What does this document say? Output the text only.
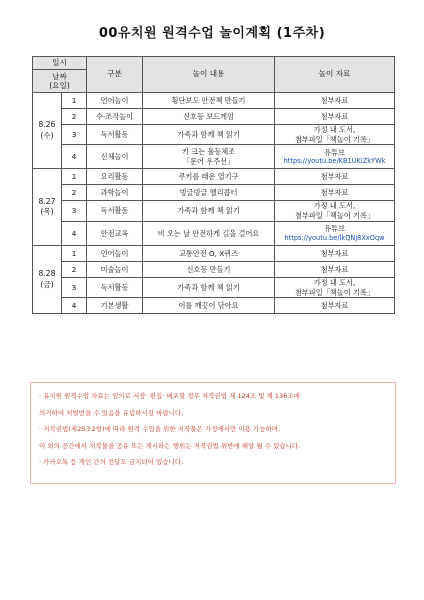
00유치원 원격수업 놀이계획 (1주차)
일시		구분	놀이 내용	놀이 자료

날짜
(요일)				

8.26
(수)	1	언어놀이	횡단보도 안전책 만들기	첨부자료

	2	수·조작놀이	신호등 보드게임	첨부자료

	3	독서활동	가족과 함께 책 읽기	가정 내 도서,
첨부파일「책놀이 기록」

	4	신체놀이	키 크는 율동체조
「문어 우주선」	유튜브
https://youtu.be/KB1UKiZkYWk

8.27
(목)	1	요리활동	쿠키를 태운 열기구	첨부자료

	2	과학놀이	빙글빙글 헬리콥터	첨부자료

	3	독서활동	가족과 함께 책 읽기	가정 내 도서,
첨부파일「책놀이 기록」

	4	안전교육	비 오는 날 안전하게 길을 걸어요	유튜브
https://youtu.be/lkQNj8XxOqw

8.28
(금)	1	언어놀이	교통안전 O, X퀴즈	첨부자료

	2	미술놀이	신호등 만들기	첨부자료

	3	독서활동	가족과 함께 책 읽기	가정 내 도서,
첨부파일「책놀이 기록」

	4	기본생활	이를 깨끗이 닦아요	첨부자료

· 유치원 원격수업 자료는 임의로 저장· 편집· 배포할 경우 저작권법 제 124조 및 제 136조에

의거하여 처벌받을 수 있음을 유념하시길 바랍니다.

· 저작권법(제25조2항)에 따라 원격 수업을 위한 저작물은 가정에서만 이용 가능하며,

이 외의 공간에서 저작물을 공유 또는 게시하는 행위는 저작권법 위반에 해당 될 수 있습니다.

· 카카오톡 등 개인 간의 전달도 금지되어 있습니다.
